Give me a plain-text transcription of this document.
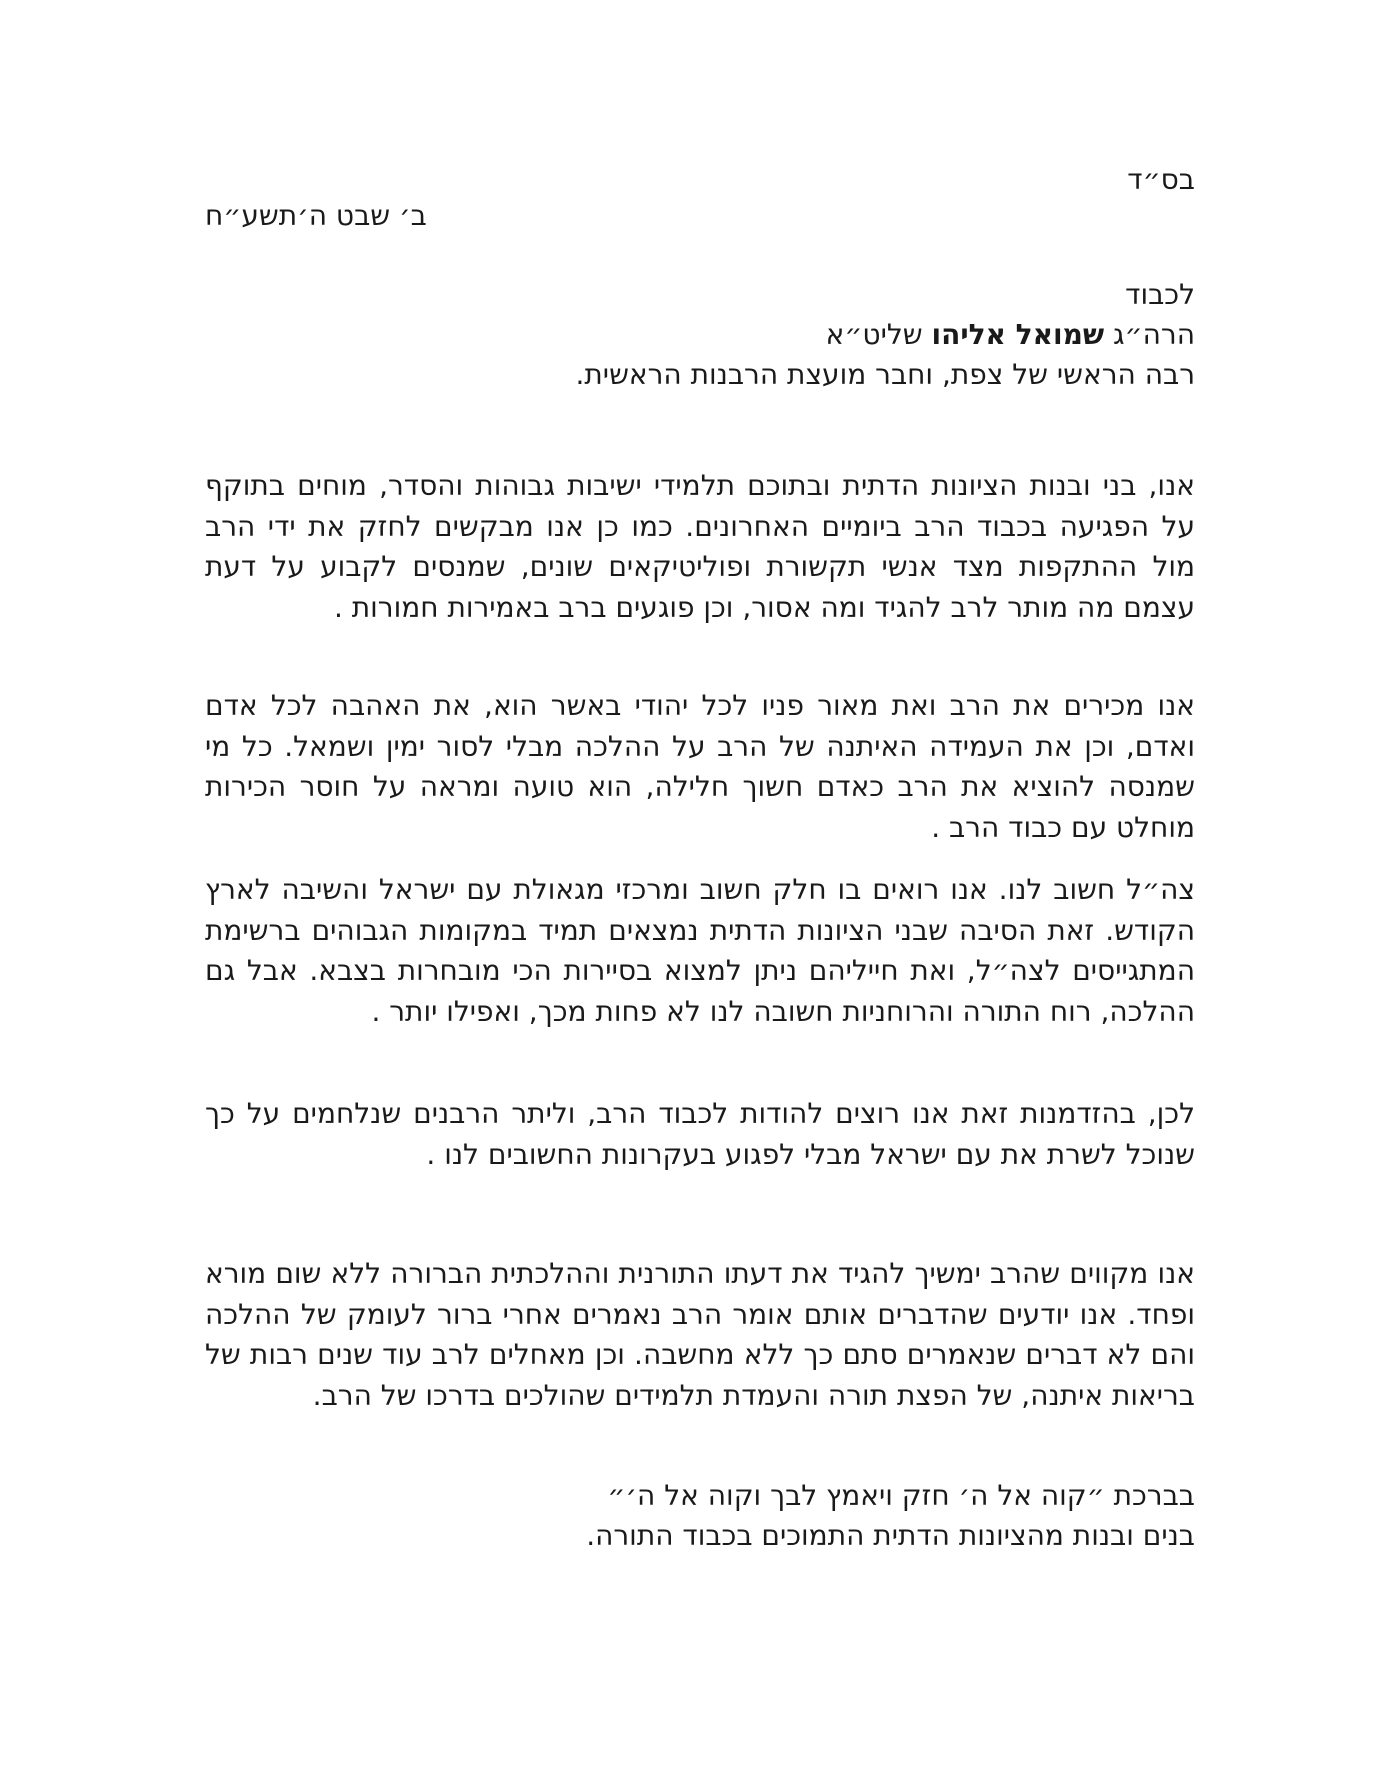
בס״ד
ב׳ שבט ה׳תשע״ח
לכבוד
הרה״ג שמואל אליהו שליט״א
רבה הראשי של צפת, וחבר מועצת הרבנות הראשית.
אנו, בני ובנות הציונות הדתית ובתוכם תלמידי ישיבות גבוהות והסדר, מוחים בתוקף על הפגיעה בכבוד הרב ביומיים האחרונים. כמו כן אנו מבקשים לחזק את ידי הרב מול ההתקפות מצד אנשי תקשורת ופוליטיקאים שונים, שמנסים לקבוע על דעת עצמם מה מותר לרב להגיד ומה אסור, וכן פוגעים ברב באמירות חמורות .
אנו מכירים את הרב ואת מאור פניו לכל יהודי באשר הוא, את האהבה לכל אדם ואדם, וכן את העמידה האיתנה של הרב על ההלכה מבלי לסור ימין ושמאל. כל מי שמנסה להוציא את הרב כאדם חשוך חלילה, הוא טועה ומראה על חוסר הכירות מוחלט עם כבוד הרב .
צה״ל חשוב לנו. אנו רואים בו חלק חשוב ומרכזי מגאולת עם ישראל והשיבה לארץ הקודש. זאת הסיבה שבני הציונות הדתית נמצאים תמיד במקומות הגבוהים ברשימת המתגייסים לצה״ל, ואת חייליהם ניתן למצוא בסיירות הכי מובחרות בצבא. אבל גם ההלכה, רוח התורה והרוחניות חשובה לנו לא פחות מכך, ואפילו יותר .
לכן, בהזדמנות זאת אנו רוצים להודות לכבוד הרב, וליתר הרבנים שנלחמים על כך שנוכל לשרת את עם ישראל מבלי לפגוע בעקרונות החשובים לנו .
אנו מקווים שהרב ימשיך להגיד את דעתו התורנית וההלכתית הברורה ללא שום מורא ופחד. אנו יודעים שהדברים אותם אומר הרב נאמרים אחרי ברור לעומק של ההלכה והם לא דברים שנאמרים סתם כך ללא מחשבה. וכן מאחלים לרב עוד שנים רבות של בריאות איתנה, של הפצת תורה והעמדת תלמידים שהולכים בדרכו של הרב.
בברכת ״קוה אל ה׳ חזק ויאמץ לבך וקוה אל ה׳״
בנים ובנות מהציונות הדתית התמוכים בכבוד התורה.
